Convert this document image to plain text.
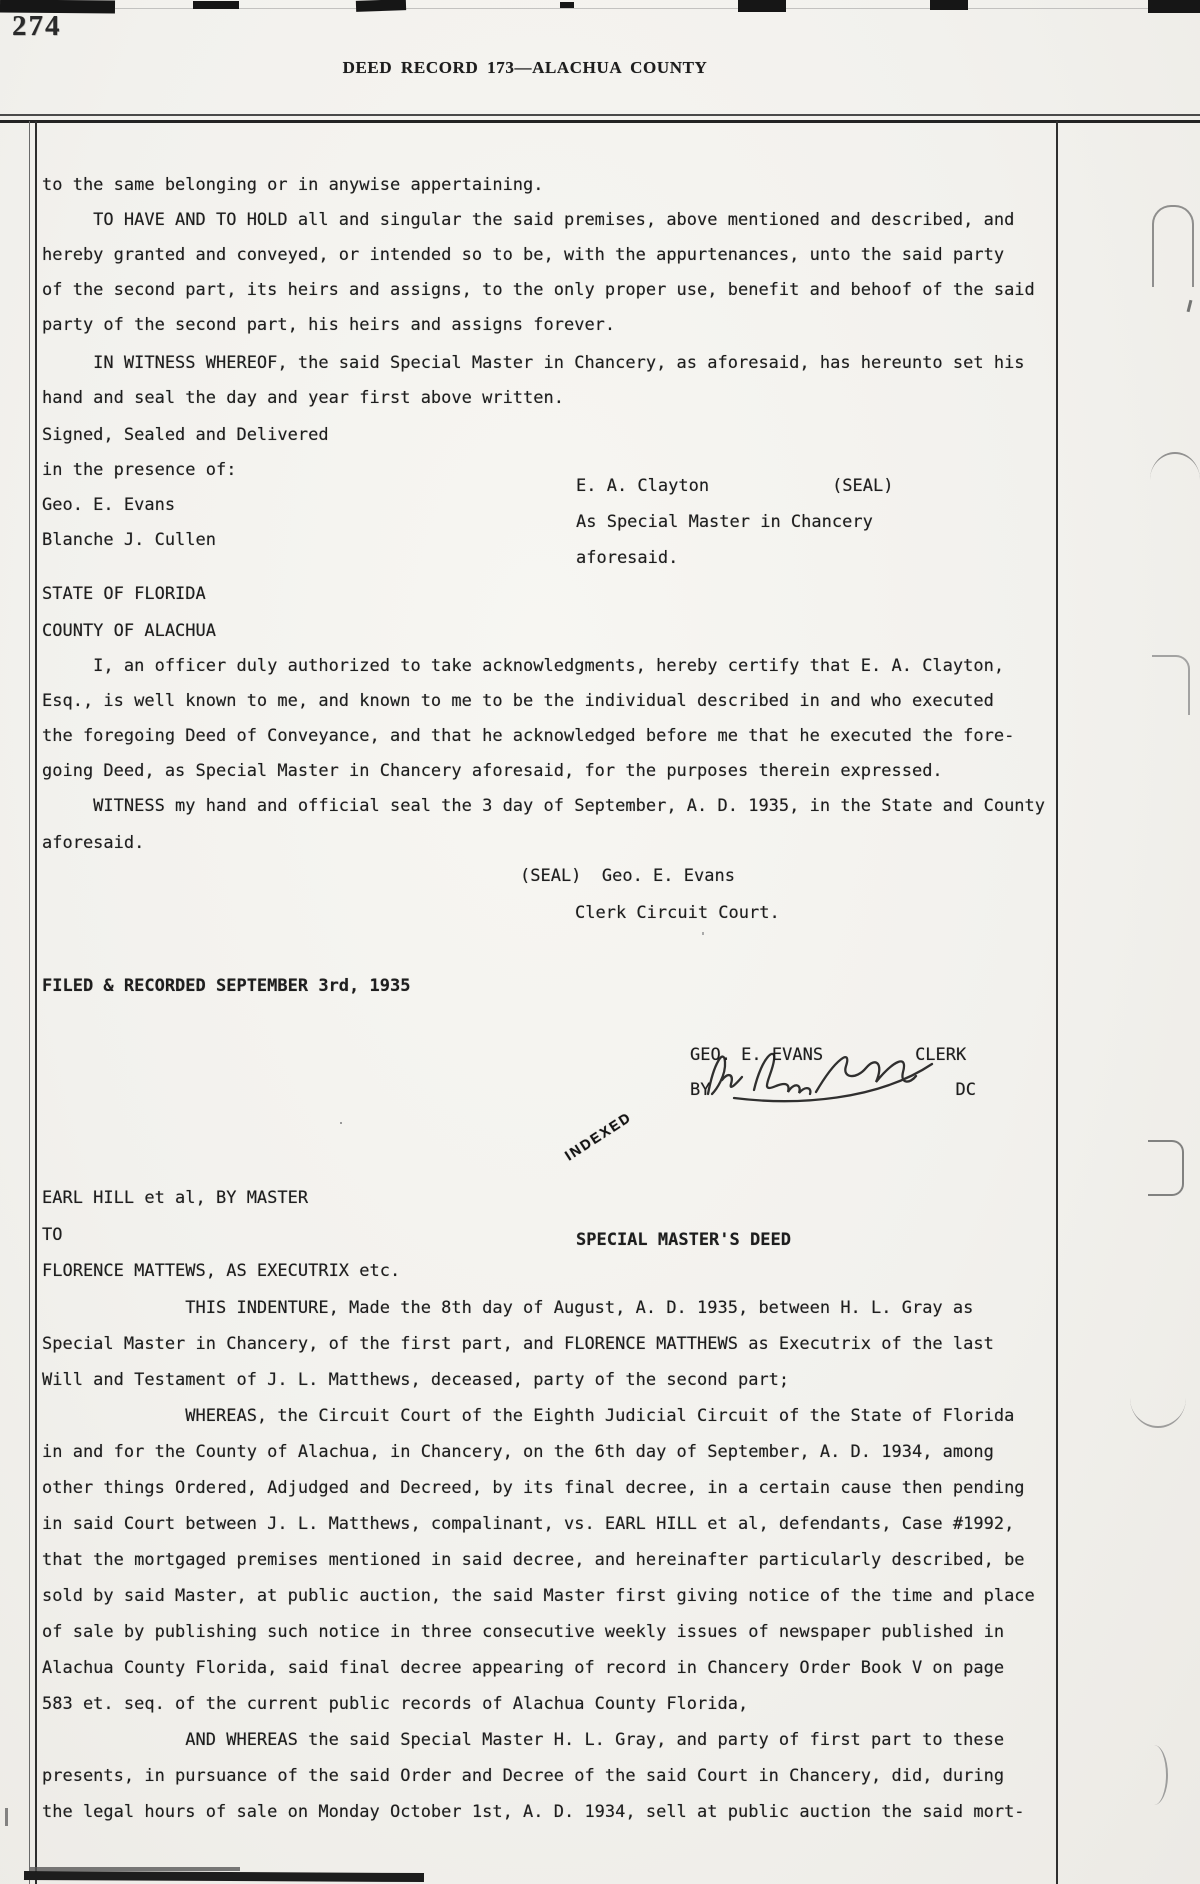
274
DEED RECORD 173—ALACHUA COUNTY
to the same belonging or in anywise appertaining.
TO HAVE AND TO HOLD all and singular the said premises, above mentioned and described, and
hereby granted and conveyed, or intended so to be, with the appurtenances, unto the said party
of the second part, its heirs and assigns, to the only proper use, benefit and behoof of the said
party of the second part, his heirs and assigns forever.
IN WITNESS WHEREOF, the said Special Master in Chancery, as aforesaid, has hereunto set his
hand and seal the day and year first above written.
Signed, Sealed and Delivered
in the presence of:
Geo. E. Evans
Blanche J. Cullen
E. A. Clayton	(SEAL)
As Special Master in Chancery
aforesaid.
STATE OF FLORIDA
COUNTY OF ALACHUA
I, an officer duly authorized to take acknowledgments, hereby certify that E. A. Clayton,
Esq., is well known to me, and known to me to be the individual described in and who executed
the foregoing Deed of Conveyance, and that he acknowledged before me that he executed the fore-
going Deed, as Special Master in Chancery aforesaid, for the purposes therein expressed.
WITNESS my hand and official seal the 3 day of September, A. D. 1935, in the State and County
aforesaid.
(SEAL)  Geo. E. Evans
Clerk Circuit Court.
FILED & RECORDED SEPTEMBER 3rd, 1935
GEO. E. EVANS	CLERK
BY	DC
INDEXED
EARL HILL et al, BY MASTER
TO	SPECIAL MASTER'S DEED
FLORENCE MATTEWS, AS EXECUTRIX etc.
THIS INDENTURE, Made the 8th day of August, A. D. 1935, between H. L. Gray as
Special Master in Chancery, of the first part, and FLORENCE MATTHEWS as Executrix of the last
Will and Testament of J. L. Matthews, deceased, party of the second part;
WHEREAS, the Circuit Court of the Eighth Judicial Circuit of the State of Florida
in and for the County of Alachua, in Chancery, on the 6th day of September, A. D. 1934, among
other things Ordered, Adjudged and Decreed, by its final decree, in a certain cause then pending
in said Court between J. L. Matthews, compalinant, vs. EARL HILL et al, defendants, Case #1992,
that the mortgaged premises mentioned in said decree, and hereinafter particularly described, be
sold by said Master, at public auction, the said Master first giving notice of the time and place
of sale by publishing such notice in three consecutive weekly issues of newspaper published in
Alachua County Florida, said final decree appearing of record in Chancery Order Book V on page
583 et. seq. of the current public records of Alachua County Florida,
AND WHEREAS the said Special Master H. L. Gray, and party of first part to these
presents, in pursuance of the said Order and Decree of the said Court in Chancery, did, during
the legal hours of sale on Monday October 1st, A. D. 1934, sell at public auction the said mort-
